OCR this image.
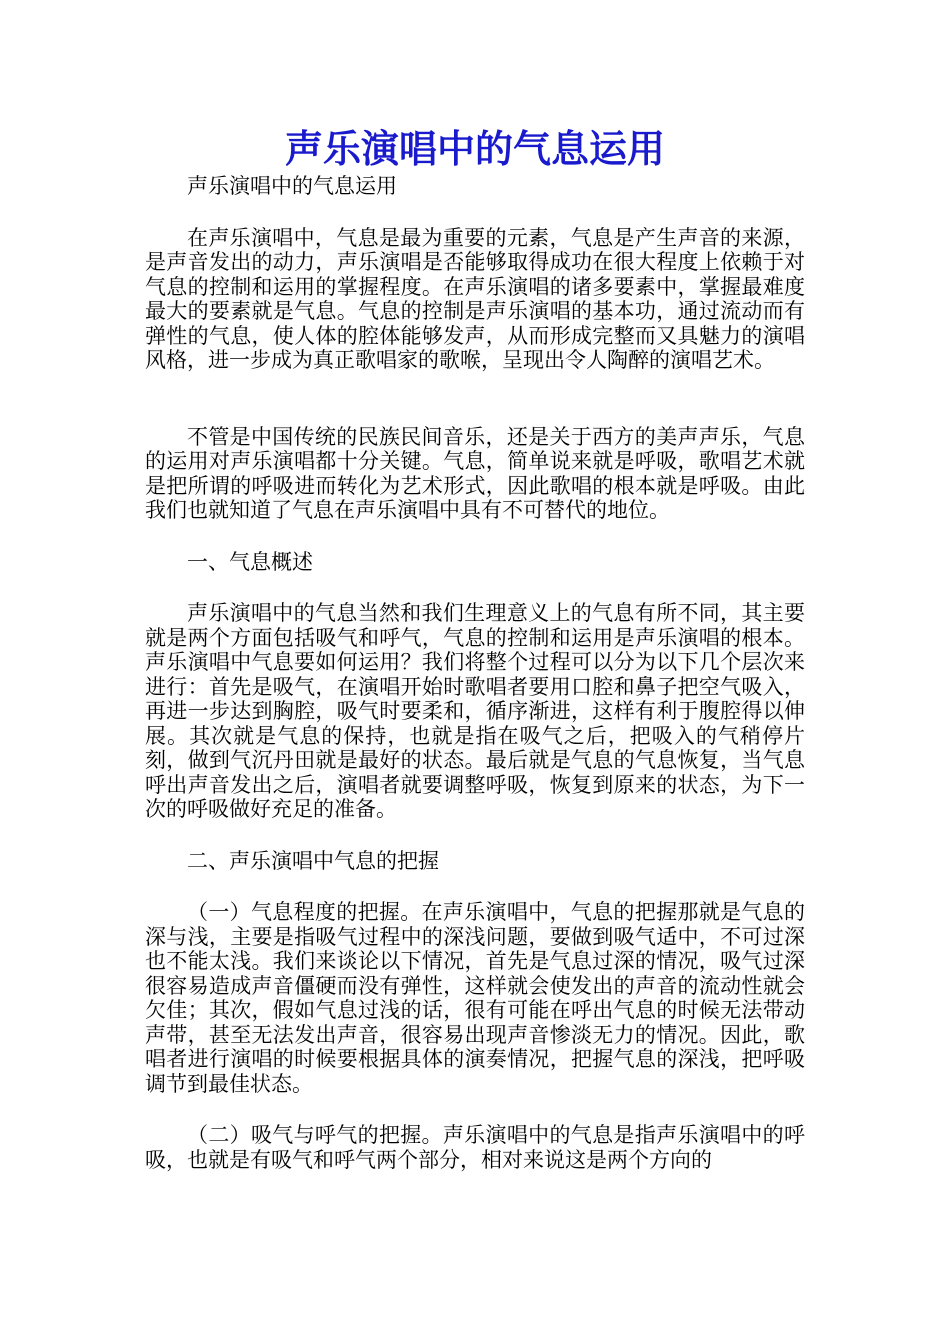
声乐演唱中的气息运用

声乐演唱中的气息运用

在声乐演唱中，气息是最为重要的元素，气息是产生声音的来源，是声音发出的动力，声乐演唱是否能够取得成功在很大程度上依赖于对气息的控制和运用的掌握程度。在声乐演唱的诸多要素中，掌握最难度最大的要素就是气息。气息的控制是声乐演唱的基本功，通过流动而有弹性的气息，使人体的腔体能够发声，从而形成完整而又具魅力的演唱风格，进一步成为真正歌唱家的歌喉，呈现出令人陶醉的演唱艺术。

不管是中国传统的民族民间音乐，还是关于西方的美声声乐，气息的运用对声乐演唱都十分关键。气息，简单说来就是呼吸，歌唱艺术就是把所谓的呼吸进而转化为艺术形式，因此歌唱的根本就是呼吸。由此我们也就知道了气息在声乐演唱中具有不可替代的地位。

一、气息概述

声乐演唱中的气息当然和我们生理意义上的气息有所不同，其主要就是两个方面包括吸气和呼气，气息的控制和运用是声乐演唱的根本。声乐演唱中气息要如何运用？我们将整个过程可以分为以下几个层次来进行：首先是吸气，在演唱开始时歌唱者要用口腔和鼻子把空气吸入，再进一步达到胸腔，吸气时要柔和，循序渐进，这样有利于腹腔得以伸展。其次就是气息的保持，也就是指在吸气之后，把吸入的气稍停片刻，做到气沉丹田就是最好的状态。最后就是气息的气息恢复，当气息呼出声音发出之后，演唱者就要调整呼吸，恢复到原来的状态，为下一次的呼吸做好充足的准备。

二、声乐演唱中气息的把握

（一）气息程度的把握。在声乐演唱中，气息的把握那就是气息的深与浅，主要是指吸气过程中的深浅问题，要做到吸气适中，不可过深也不能太浅。我们来谈论以下情况，首先是气息过深的情况，吸气过深很容易造成声音僵硬而没有弹性，这样就会使发出的声音的流动性就会欠佳；其次，假如气息过浅的话，很有可能在呼出气息的时候无法带动声带，甚至无法发出声音，很容易出现声音惨淡无力的情况。因此，歌唱者进行演唱的时候要根据具体的演奏情况，把握气息的深浅，把呼吸调节到最佳状态。

（二）吸气与呼气的把握。声乐演唱中的气息是指声乐演唱中的呼吸，也就是有吸气和呼气两个部分，相对来说这是两个方向的
